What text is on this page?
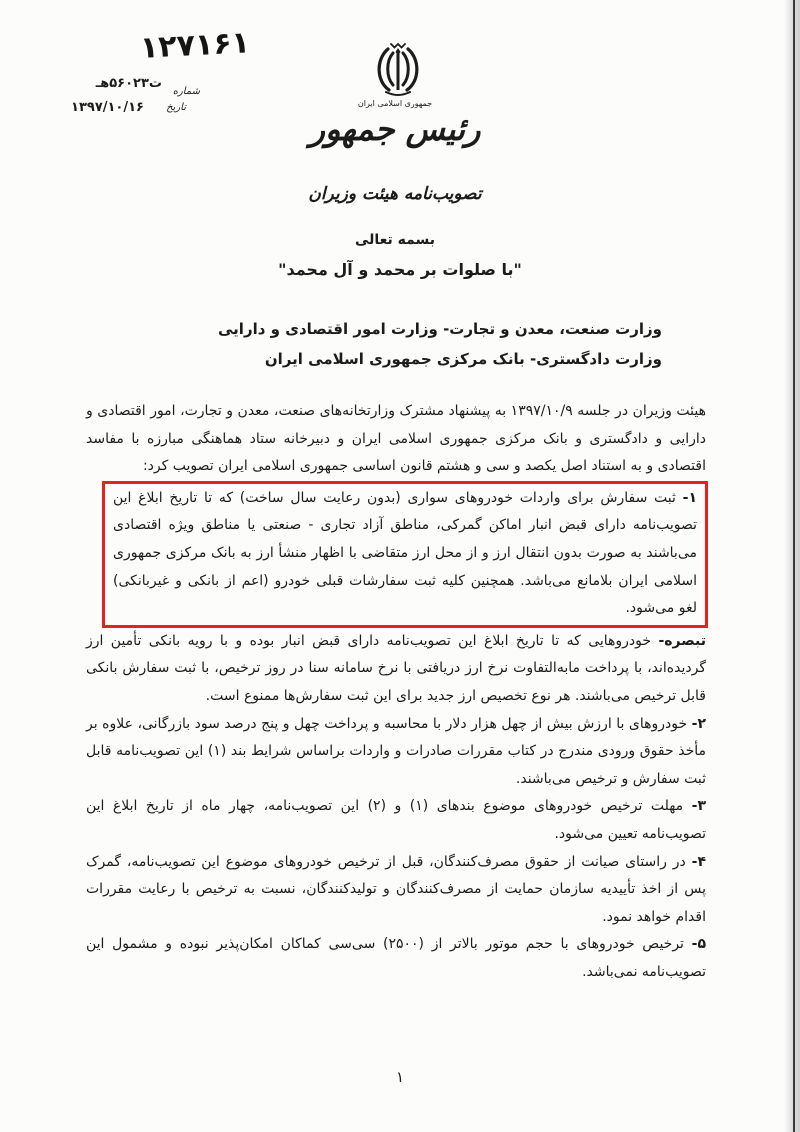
۱۲۷۱۶۱
ت۵۶۰۲۳هـ
شماره
۱۳۹۷/۱۰/۱۶	تاریخ	جمهوری اسلامی ایران
رئیس جمهور
تصویب‌نامه هیئت وزیران
بسمه تعالی
"با صلوات بر محمد و آل محمد"
وزارت صنعت، معدن و تجارت- وزارت امور اقتصادی و دارایی
وزارت دادگستری- بانک مرکزی جمهوری اسلامی ایران

هیئت وزیران در جلسه ۱۳۹۷/۱۰/۹ به پیشنهاد مشترک وزارتخانه‌های صنعت، معدن و تجارت، امور اقتصادی و دارایی و دادگستری و بانک مرکزی جمهوری اسلامی ایران و دبیرخانه ستاد هماهنگی مبارزه با مفاسد اقتصادی و به استناد اصل یکصد و سی و هشتم قانون اساسی جمهوری اسلامی ایران تصویب کرد:

۱- ثبت سفارش برای واردات خودروهای سواری (بدون رعایت سال ساخت) که تا تاریخ ابلاغ این تصویب‌نامه دارای قبض انبار اماکن گمرکی، مناطق آزاد تجاری - صنعتی یا مناطق ویژه اقتصادی می‌باشند به صورت بدون انتقال ارز و از محل ارز متقاضی با اظهار منشأ ارز به بانک مرکزی جمهوری اسلامی ایران بلامانع می‌باشد. همچنین کلیه ثبت سفارشات قبلی خودرو (اعم از بانکی و غیربانکی) لغو می‌شود.

تبصره- خودروهایی که تا تاریخ ابلاغ این تصویب‌نامه دارای قبض انبار بوده و با رویه بانکی تأمین ارز گردیده‌اند، با پرداخت مابه‌التفاوت نرخ ارز دریافتی با نرخ سامانه سنا در روز ترخیص، با ثبت سفارش بانکی قابل ترخیص می‌باشند. هر نوع تخصیص ارز جدید برای این ثبت سفارش‌ها ممنوع است.

۲- خودروهای با ارزش بیش از چهل هزار دلار با محاسبه و پرداخت چهل و پنج درصد سود بازرگانی، علاوه بر مأخذ حقوق ورودی مندرج در کتاب مقررات صادرات و واردات براساس شرایط بند (۱) این تصویب‌نامه قابل ثبت سفارش و ترخیص می‌باشند.

۳- مهلت ترخیص خودروهای موضوع بندهای (۱) و (۲) این تصویب‌نامه، چهار ماه از تاریخ ابلاغ این تصویب‌نامه تعیین می‌شود.

۴- در راستای صیانت از حقوق مصرف‌کنندگان، قبل از ترخیص خودروهای موضوع این تصویب‌نامه، گمرک پس از اخذ تأییدیه سازمان حمایت از مصرف‌کنندگان و تولیدکنندگان، نسبت به ترخیص با رعایت مقررات اقدام خواهد نمود.

۵- ترخیص خودروهای با حجم موتور بالاتر از (۲۵۰۰) سی‌سی کماکان امکان‌پذیر نبوده و مشمول این تصویب‌نامه نمی‌باشد.

۱
